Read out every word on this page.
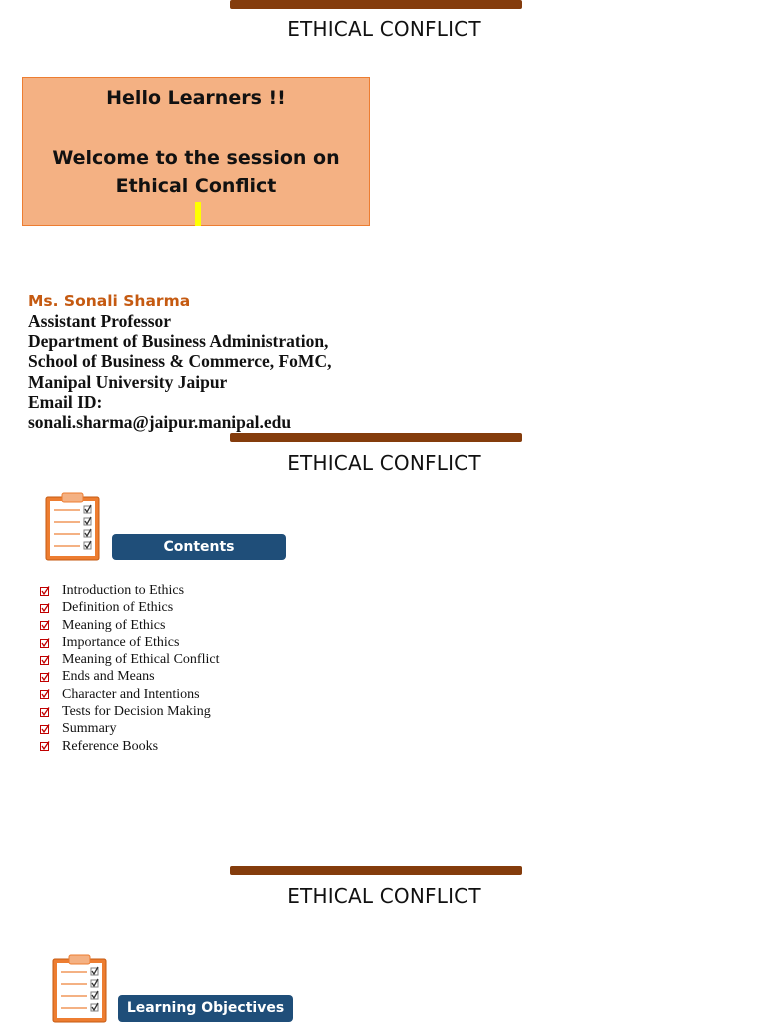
ETHICAL CONFLICT
Hello Learners !!
Welcome to the session on
Ethical Conflict
Ms. Sonali Sharma
Assistant Professor
Department of Business Administration,
School of Business & Commerce, FoMC,
Manipal University Jaipur
Email ID:
sonali.sharma@jaipur.manipal.edu
ETHICAL CONFLICT
Contents
Introduction to Ethics
Definition of Ethics
Meaning of Ethics
Importance of Ethics
Meaning of Ethical Conflict
Ends and Means
Character and Intentions
Tests for Decision Making
Summary
Reference Books
ETHICAL CONFLICT
Learning Objectives
